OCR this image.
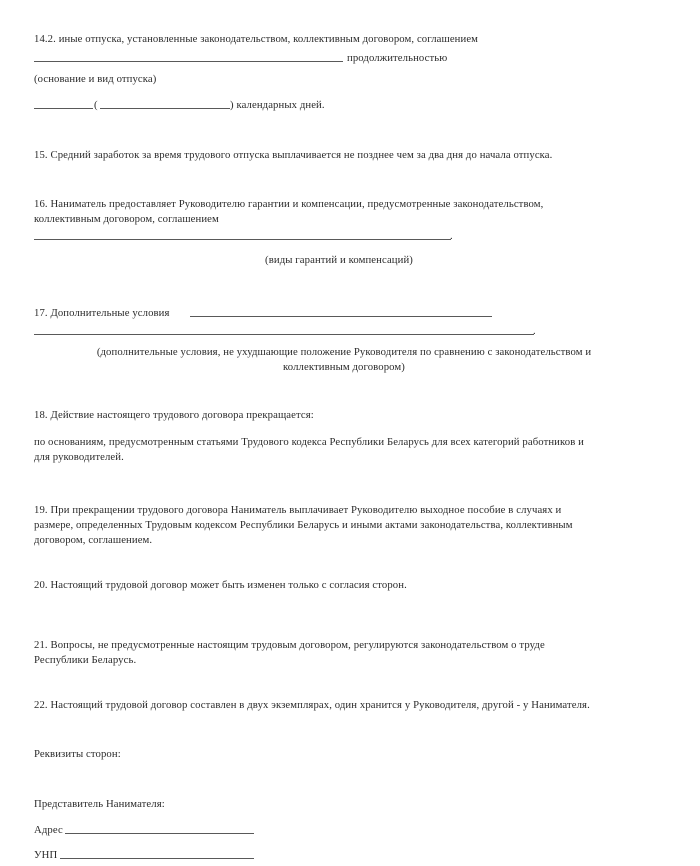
14.2. иные отпуска, установленные законодательством, коллективным договором, соглашением
продолжительностью
(основание и вид отпуска)
(	) календарных дней.
15. Средний заработок за время трудового отпуска выплачивается не позднее чем за два дня до начала отпуска.
16. Наниматель предоставляет Руководителю гарантии и компенсации, предусмотренные законодательством,
коллективным договором, соглашением
.
(виды гарантий и компенсаций)
17. Дополнительные условия
.
(дополнительные условия, не ухудшающие положение Руководителя по сравнению с законодательством и
коллективным договором)
18. Действие настоящего трудового договора прекращается:
по основаниям, предусмотренным статьями Трудового кодекса Республики Беларусь для всех категорий работников и
для руководителей.
19. При прекращении трудового договора Наниматель выплачивает Руководителю выходное пособие в случаях и
размере, определенных Трудовым кодексом Республики Беларусь и иными актами законодательства, коллективным
договором, соглашением.
20. Настоящий трудовой договор может быть изменен только с согласия сторон.
21. Вопросы, не предусмотренные настоящим трудовым договором, регулируются законодательством о труде
Республики Беларусь.
22. Настоящий трудовой договор составлен в двух экземплярах, один хранится у Руководителя, другой - у Нанимателя.
Реквизиты сторон:
Представитель Нанимателя:
Адрес
УНП
